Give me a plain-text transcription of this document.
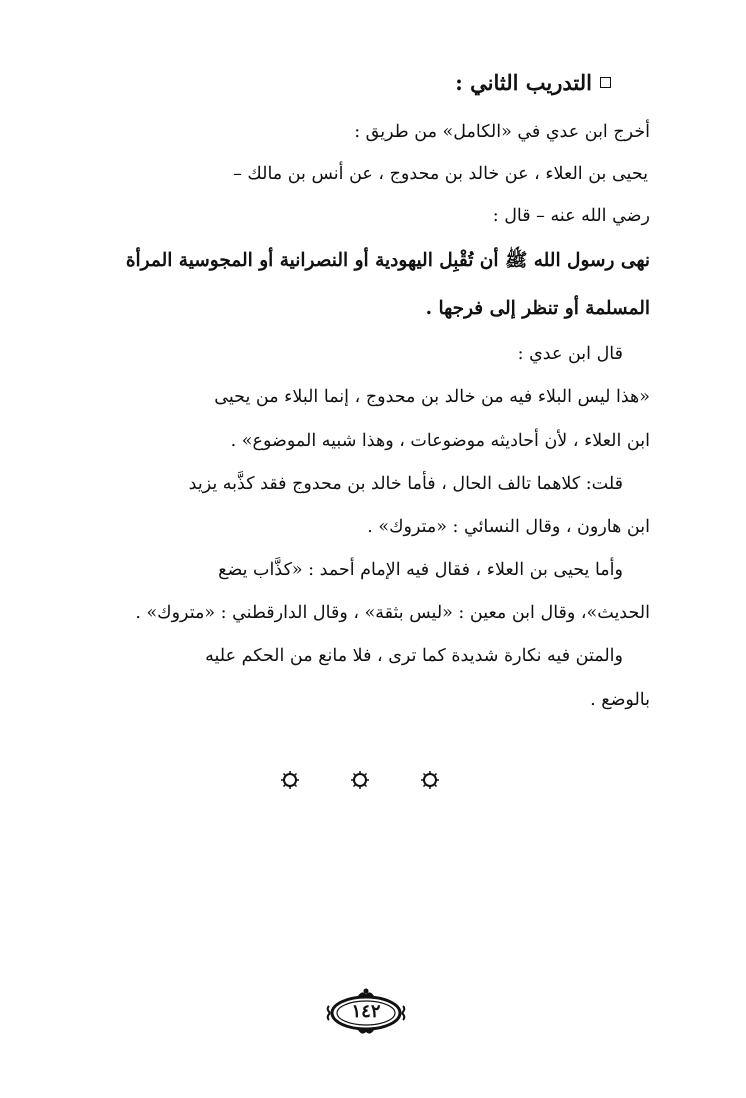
التدريب الثاني :
أخرج ابن عدي في «الكامل» من طريق :
يحيى بن العلاء ، عن خالد بن محدوج ، عن أنس بن مالك –
رضي الله عنه – قال :
نهى رسول الله ﷺ أن تُقْبِل اليهودية أو النصرانية أو المجوسية المرأة
المسلمة أو تنظر إلى فرجها .
قال ابن عدي :
«هذا ليس البلاء فيه من خالد بن محدوج ، إنما البلاء من يحيى
ابن العلاء ، لأن أحاديثه موضوعات ، وهذا شبيه الموضوع» .
قلت: كلاهما تالف الحال ، فأما خالد بن محدوج فقد كذَّبه يزيد
ابن هارون ، وقال النسائي : «متروك» .
وأما يحيى بن العلاء ، فقال فيه الإمام أحمد : «كذَّاب يضع
الحديث»، وقال ابن معين : «ليس بثقة» ، وقال الدارقطني : «متروك» .
والمتن فيه نكارة شديدة كما ترى ، فلا مانع من الحكم عليه
بالوضع .
١٤٢
